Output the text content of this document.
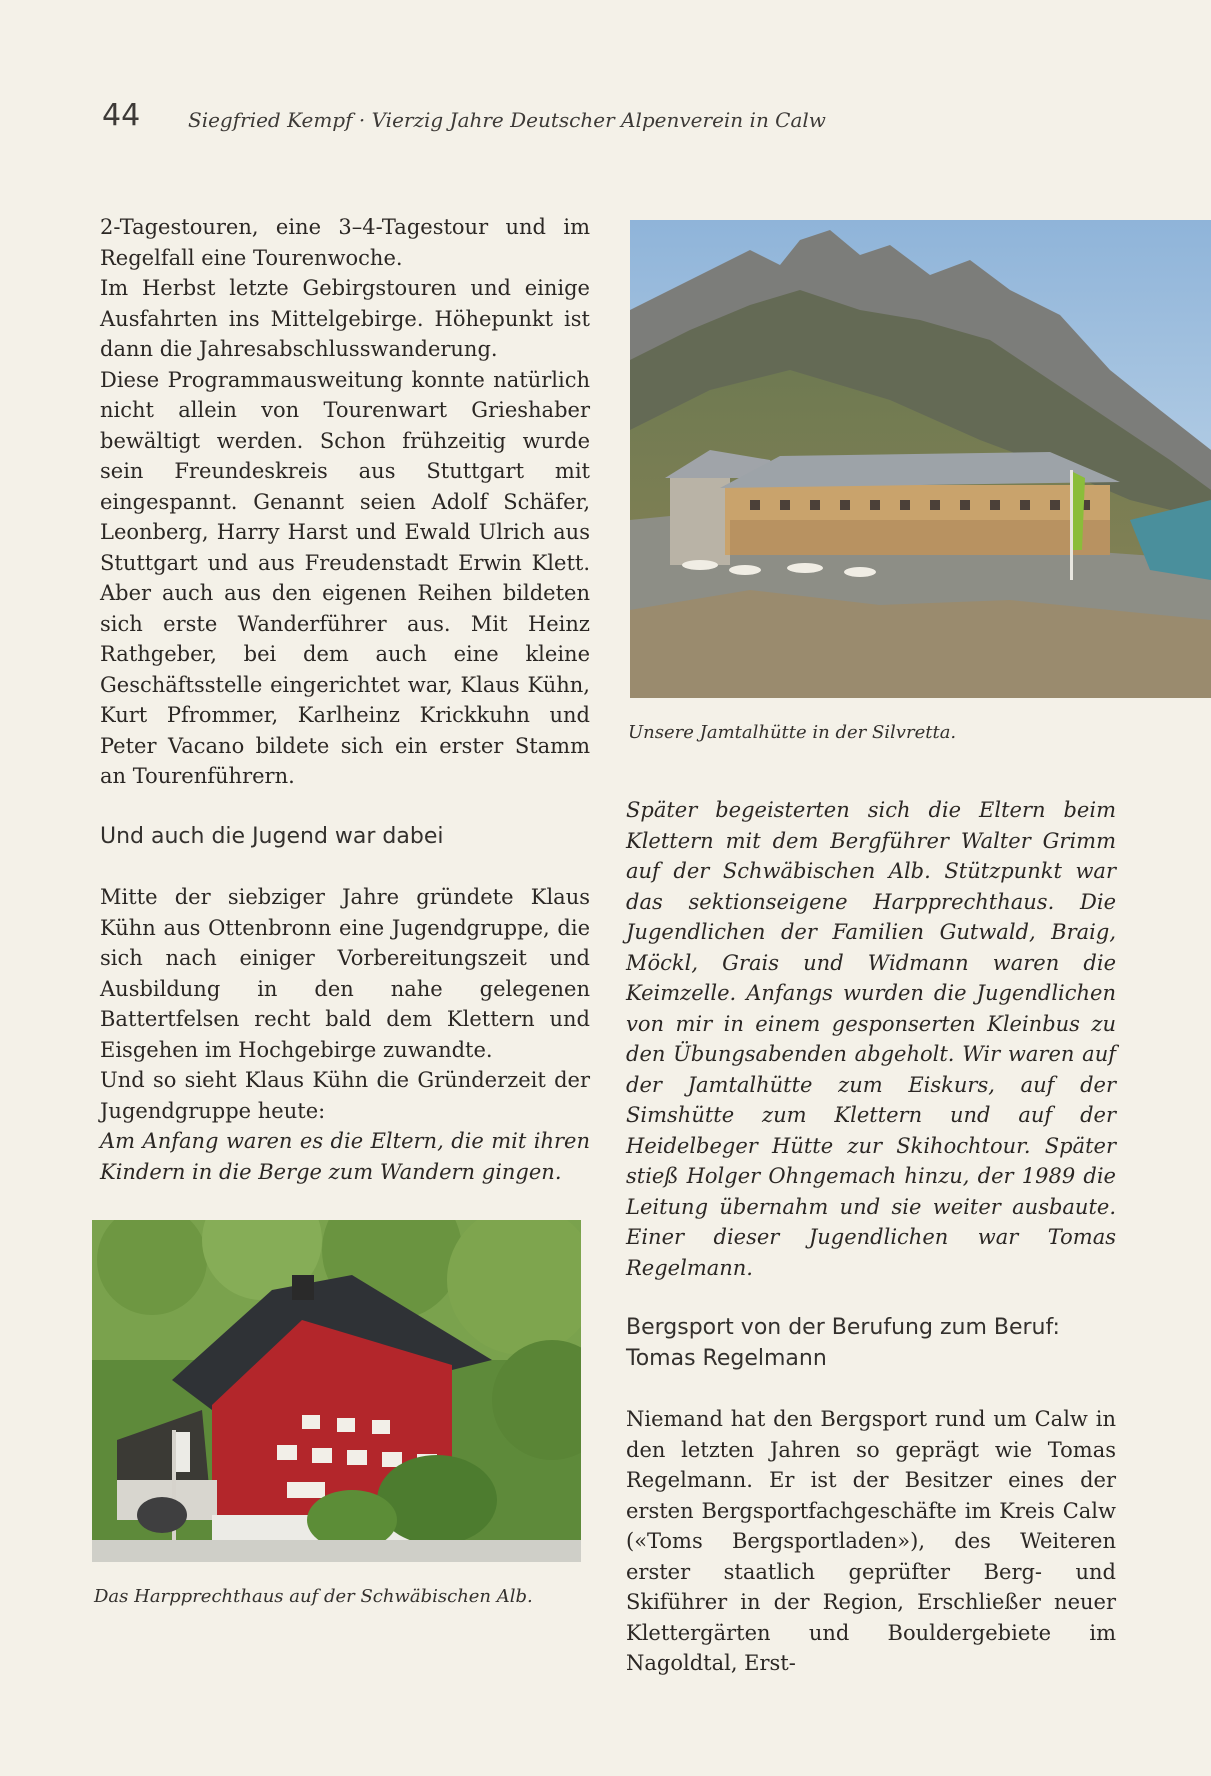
44 Siegfried Kempf · Vierzig Jahre Deutscher Alpenverein in Calw

2-Tagestouren, eine 3–4-Tagestour und im Regelfall eine Tourenwoche.

Im Herbst letzte Gebirgstouren und einige Ausfahrten ins Mittelgebirge. Höhepunkt ist dann die Jahresabschlusswanderung.

Diese Programmausweitung konnte natürlich nicht allein von Tourenwart Grieshaber bewältigt werden. Schon frühzeitig wurde sein Freundeskreis aus Stuttgart mit eingespannt. Genannt seien Adolf Schäfer, Leonberg, Harry Harst und Ewald Ulrich aus Stuttgart und aus Freudenstadt Erwin Klett. Aber auch aus den eigenen Reihen bildeten sich erste Wanderführer aus. Mit Heinz Rathgeber, bei dem auch eine kleine Geschäftsstelle eingerichtet war, Klaus Kühn, Kurt Pfrommer, Karlheinz Krickkuhn und Peter Vacano bildete sich ein erster Stamm an Tourenführern.

Und auch die Jugend war dabei

Mitte der siebziger Jahre gründete Klaus Kühn aus Ottenbronn eine Jugendgruppe, die sich nach einiger Vorbereitungszeit und Ausbildung in den nahe gelegenen Battertfelsen recht bald dem Klettern und Eisgehen im Hochgebirge zuwandte.

Und so sieht Klaus Kühn die Gründerzeit der Jugendgruppe heute:

Am Anfang waren es die Eltern, die mit ihren Kindern in die Berge zum Wandern gingen.

Später begeisterten sich die Eltern beim Klettern mit dem Bergführer Walter Grimm auf der Schwäbischen Alb. Stützpunkt war das sektionseigene Harpprechthaus. Die Jugendlichen der Familien Gutwald, Braig, Möckl, Grais und Widmann waren die Keimzelle. Anfangs wurden die Jugendlichen von mir in einem gesponserten Kleinbus zu den Übungsabenden abgeholt. Wir waren auf der Jamtalhütte zum Eiskurs, auf der Simshütte zum Klettern und auf der Heidelbeger Hütte zur Skihochtour. Später stieß Holger Ohngemach hinzu, der 1989 die Leitung übernahm und sie weiter ausbaute. Einer dieser Jugendlichen war Tomas Regelmann.

Bergsport von der Berufung zum Beruf:
Tomas Regelmann

Niemand hat den Bergsport rund um Calw in den letzten Jahren so geprägt wie Tomas Regelmann. Er ist der Besitzer eines der ersten Bergsportfachgeschäfte im Kreis Calw («Toms Bergsportladen»), des Weiteren erster staatlich geprüfter Berg- und Skiführer in der Region, Erschließer neuer Klettergärten und Bouldergebiete im Nagoldtal, Erst-

Unsere Jamtalhütte in der Silvretta.
Das Harpprechthaus auf der Schwäbischen Alb.
